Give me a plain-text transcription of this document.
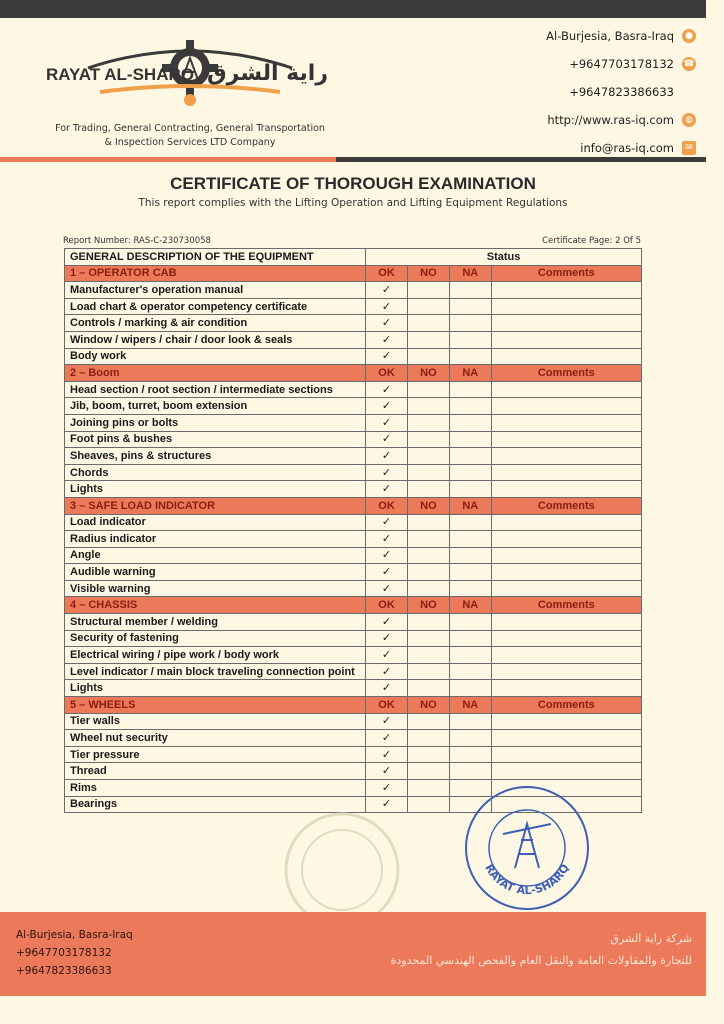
RAYAT AL-SHARQ راية الشرق
For Trading, General Contracting, General Transportation
& Inspection Services LTD Company
Al-Burjesia, Basra-Iraq	●
+9647703178132 ☎
+9647823386633
http://www.ras-iq.com	◍
info@ras-iq.com	✉
CERTIFICATE OF THOROUGH EXAMINATION
This report complies with the Lifting Operation and Lifting Equipment Regulations
Report Number: RAS-C-230730058	Certificate Page: 2 Of 5
GENERAL DESCRIPTION OF THE EQUIPMENT	Status			
1 – OPERATOR CAB	OK	NO	NA	Comments
Manufacturer's operation manual	✓			
Load chart & operator competency certificate	✓			
Controls / marking & air condition	✓			
Window / wipers / chair / door look & seals	✓			
Body work	✓			
2 – Boom	OK	NO	NA	Comments
Head section / root section / intermediate sections	✓			
Jib, boom, turret, boom extension	✓			
Joining pins or bolts	✓			
Foot pins & bushes	✓			
Sheaves, pins & structures	✓			
Chords	✓			
Lights	✓			
3 – SAFE LOAD INDICATOR	OK	NO	NA	Comments
Load indicator	✓			
Radius indicator	✓			
Angle	✓			
Audible warning	✓			
Visible warning	✓			
4 – CHASSIS	OK	NO	NA	Comments
Structural member / welding	✓			
Security of fastening	✓			
Electrical wiring / pipe work / body work	✓			
Level indicator / main block traveling connection point	✓			
Lights	✓			
5 – WHEELS	OK	NO	NA	Comments
Tier walls	✓			
Wheel nut security	✓			
Tier pressure	✓			
Thread	✓			
Rims	✓			
Bearings	✓			
RAYAT AL-SHARQ
Al-Burjesia, Basra-Iraq
+9647703178132
+9647823386633
شركة راية الشرق
للتجارة والمقاولات العامة والنقل العام والفحص الهندسي المحدودة
